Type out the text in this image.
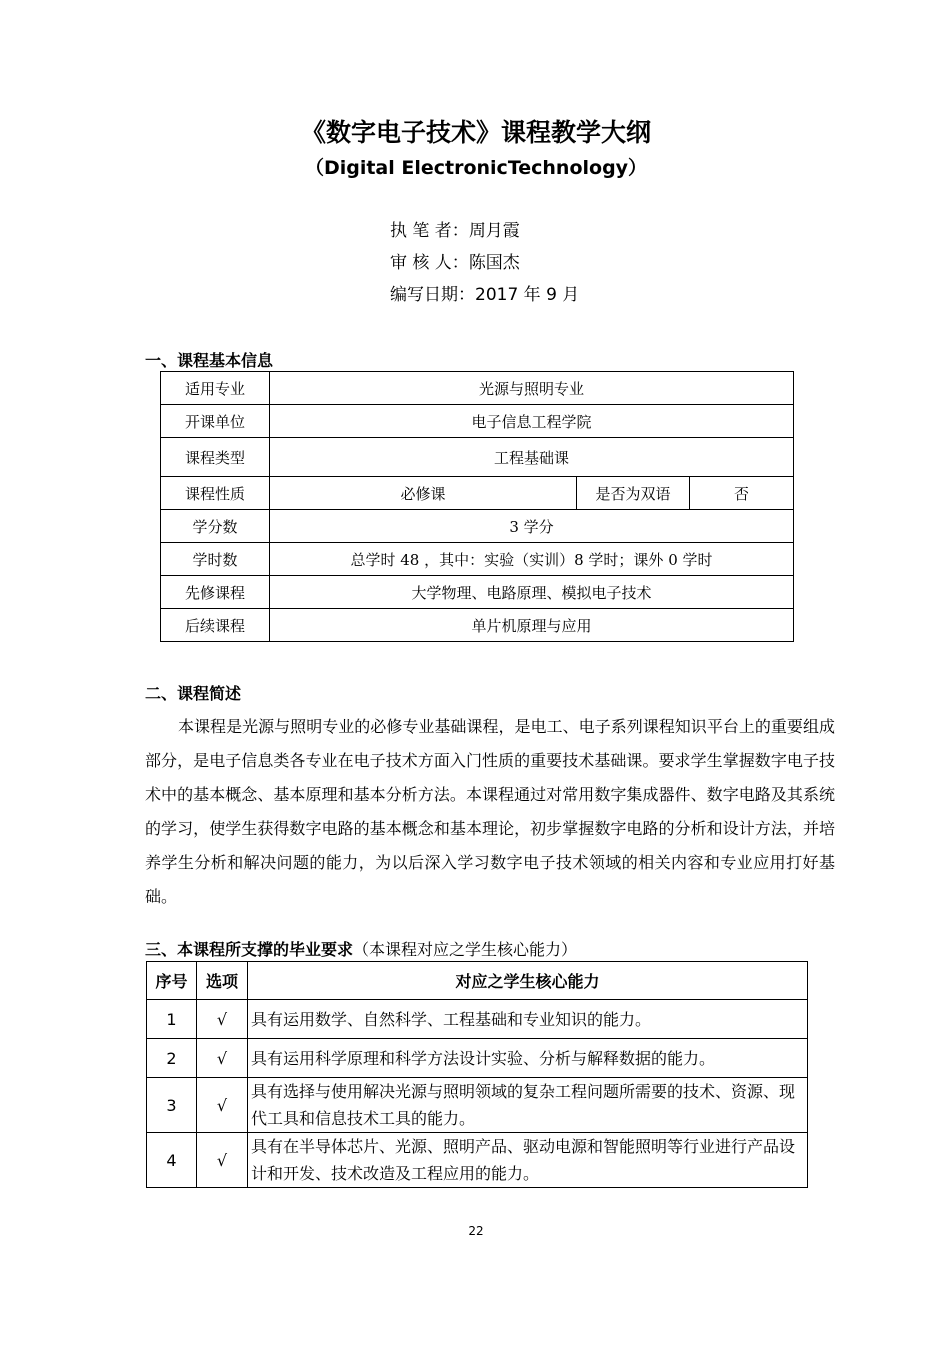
《数字电子技术》课程教学大纲
（Digital ElectronicTechnology）
执 笔 者：周月霞
审 核 人：陈国杰
编写日期：2017 年 9 月
一、课程基本信息
适用专业	光源与照明专业		
开课单位	电子信息工程学院		
课程类型	工程基础课		
课程性质	必修课	是否为双语	否
学分数	3 学分		
学时数	总学时 48 ，其中：实验（实训）8 学时；课外 0 学时		
先修课程	大学物理、电路原理、模拟电子技术		
后续课程	单片机原理与应用		
二、课程简述

本课程是光源与照明专业的必修专业基础课程，是电工、电子系列课程知识平台上的重要组成部分，是电子信息类各专业在电子技术方面入门性质的重要技术基础课。要求学生掌握数字电子技术中的基本概念、基本原理和基本分析方法。本课程通过对常用数字集成器件、数字电路及其系统的学习，使学生获得数字电路的基本概念和基本理论，初步掌握数字电路的分析和设计方法，并培养学生分析和解决问题的能力，为以后深入学习数字电子技术领域的相关内容和专业应用打好基础。

三、本课程所支撑的毕业要求（本课程对应之学生核心能力）
序号	选项	对应之学生核心能力
1	√	具有运用数学、自然科学、工程基础和专业知识的能力。
2	√	具有运用科学原理和科学方法设计实验、分析与解释数据的能力。
3	√	具有选择与使用解决光源与照明领域的复杂工程问题所需要的技术、资源、现代工具和信息技术工具的能力。
4	√	具有在半导体芯片、光源、照明产品、驱动电源和智能照明等行业进行产品设计和开发、技术改造及工程应用的能力。
22
